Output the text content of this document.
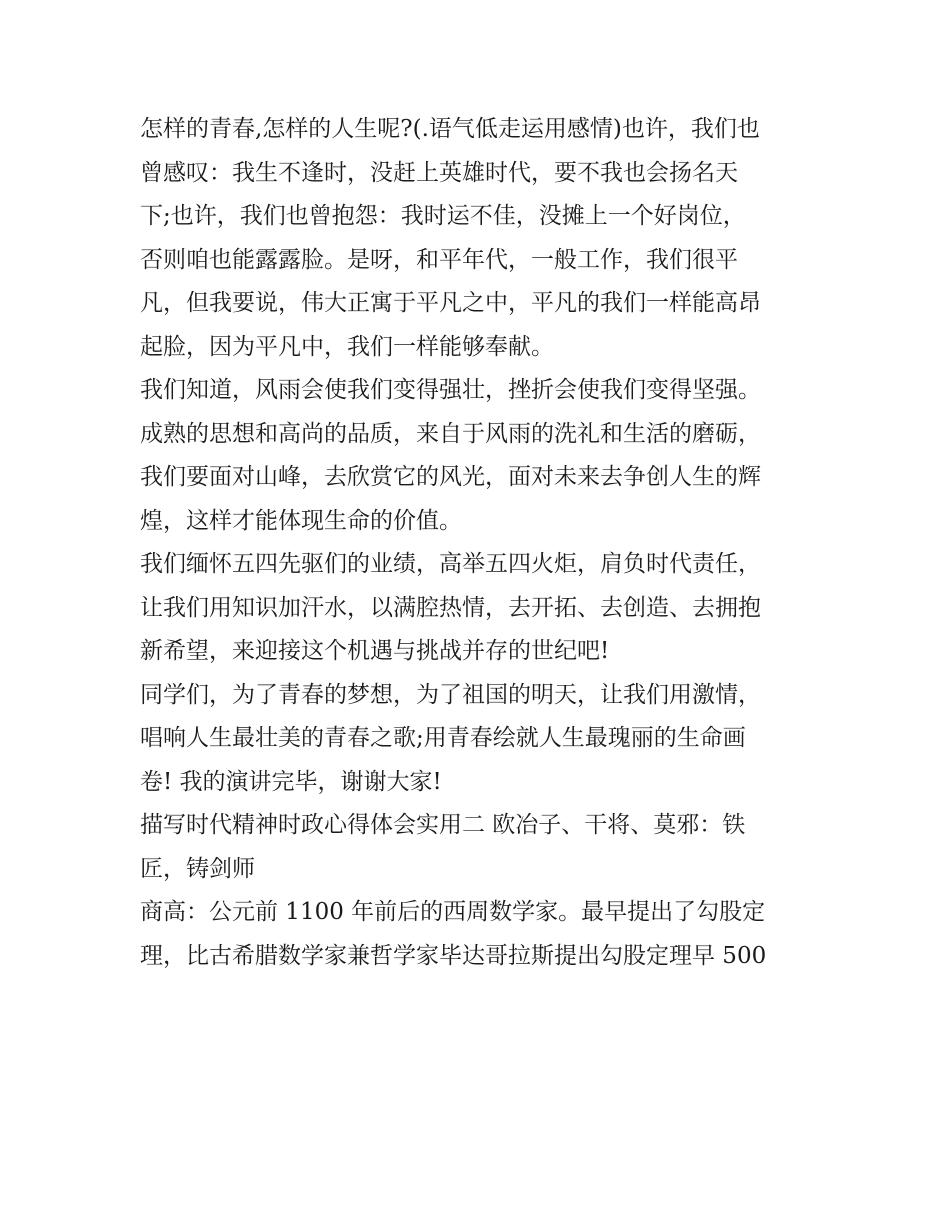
怎样的青春,怎样的人生呢?(.语气低走运用感情)也许，我们也
曾感叹：我生不逢时，没赶上英雄时代，要不我也会扬名天
下;也许，我们也曾抱怨：我时运不佳，没摊上一个好岗位，
否则咱也能露露脸。是呀，和平年代，一般工作，我们很平
凡，但我要说，伟大正寓于平凡之中，平凡的我们一样能高昂
起脸，因为平凡中，我们一样能够奉献。
我们知道，风雨会使我们变得强壮，挫折会使我们变得坚强。
成熟的思想和高尚的品质，来自于风雨的洗礼和生活的磨砺，
我们要面对山峰，去欣赏它的风光，面对未来去争创人生的辉
煌，这样才能体现生命的价值。
我们缅怀五四先驱们的业绩，高举五四火炬，肩负时代责任，
让我们用知识加汗水，以满腔热情，去开拓、去创造、去拥抱
新希望，来迎接这个机遇与挑战并存的世纪吧!
同学们，为了青春的梦想，为了祖国的明天，让我们用激情，
唱响人生最壮美的青春之歌;用青春绘就人生最瑰丽的生命画
卷! 我的演讲完毕，谢谢大家!
描写时代精神时政心得体会实用二 欧冶子、干将、莫邪：铁
匠，铸剑师
商高：公元前 1100 年前后的西周数学家。最早提出了勾股定
理，比古希腊数学家兼哲学家毕达哥拉斯提出勾股定理早 500
